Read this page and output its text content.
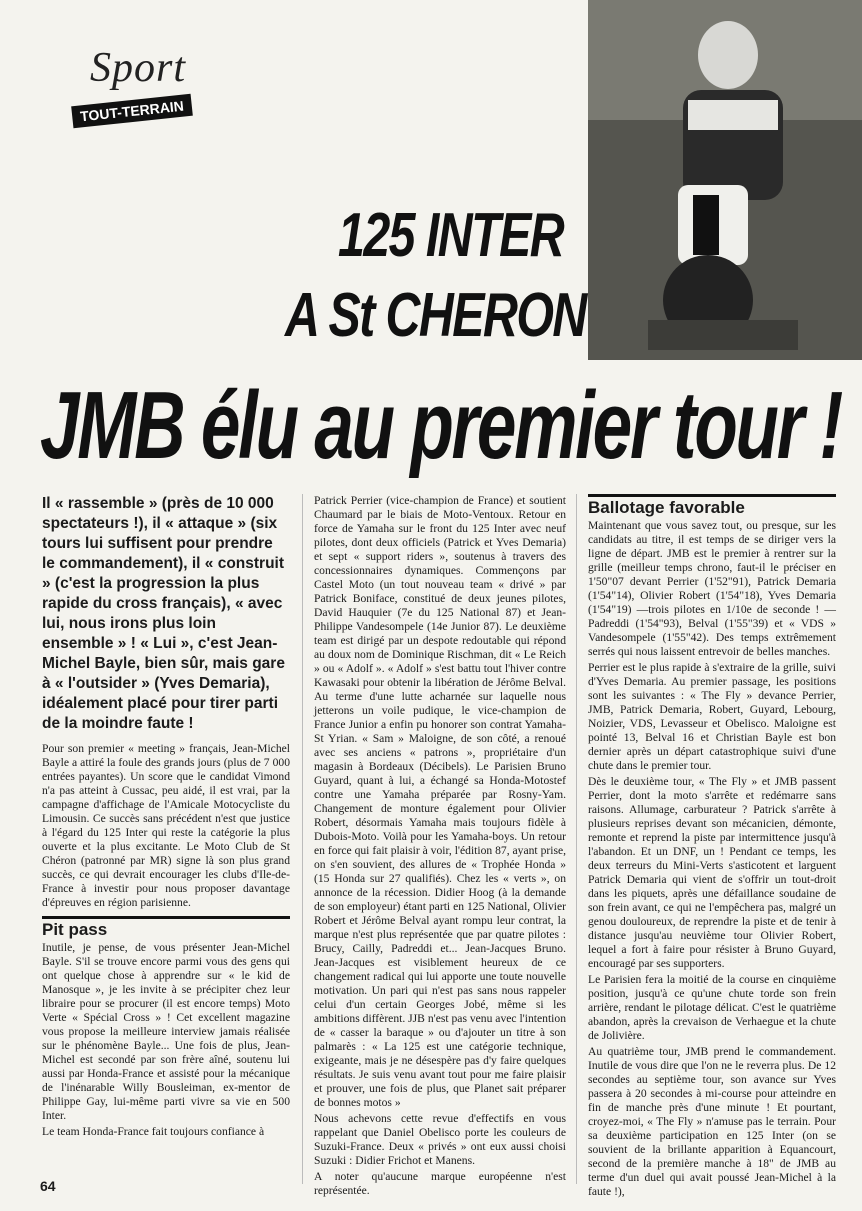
Sport
TOUT-TERRAIN
125 INTER
A St CHERON
JMB élu au premier tour !

Il « rassemble » (près de 10 000 spectateurs !), il « attaque » (six tours lui suffisent pour prendre le commandement), il « construit » (c'est la progression la plus rapide du cross français), « avec lui, nous irons plus loin ensemble » ! « Lui », c'est Jean-Michel Bayle, bien sûr, mais gare à « l'outsider » (Yves Demaria), idéalement placé pour tirer parti de la moindre faute !

Pour son premier « meeting » français, Jean-Michel Bayle a attiré la foule des grands jours (plus de 7 000 entrées payantes). Un score que le candidat Vimond n'a pas atteint à Cussac, peu aidé, il est vrai, par la campagne d'affichage de l'Amicale Motocycliste du Limousin. Ce succès sans précédent n'est que justice à l'égard du 125 Inter qui reste la catégorie la plus ouverte et la plus excitante. Le Moto Club de St Chéron (patronné par MR) signe là son plus grand succès, ce qui devrait encourager les clubs d'Ile-de-France à investir pour nous proposer davantage d'épreuves en région parisienne.

Pit pass

Inutile, je pense, de vous présenter Jean-Michel Bayle. S'il se trouve encore parmi vous des gens qui ont quelque chose à apprendre sur « le kid de Manosque », je les invite à se précipiter chez leur libraire pour se procurer (il est encore temps) Moto Verte « Spécial Cross » ! Cet excellent magazine vous propose la meilleure interview jamais réalisée sur le phénomène Bayle... Une fois de plus, Jean-Michel est secondé par son frère aîné, soutenu lui aussi par Honda-France et assisté pour la mécanique de l'inénarable Willy Bousleiman, ex-mentor de Philippe Gay, lui-même parti vivre sa vie en 500 Inter.

Le team Honda-France fait toujours confiance à

Patrick Perrier (vice-champion de France) et soutient Chaumard par le biais de Moto-Ventoux. Retour en force de Yamaha sur le front du 125 Inter avec neuf pilotes, dont deux officiels (Patrick et Yves Demaria) et sept « support riders », soutenus à travers des concessionnaires dynamiques. Commençons par Castel Moto (un tout nouveau team « drivé » par Patrick Boniface, constitué de deux jeunes pilotes, David Hauquier (7e du 125 National 87) et Jean-Philippe Vandesompele (14e Junior 87). Le deuxième team est dirigé par un despote redoutable qui répond au doux nom de Dominique Rischman, dit « Le Reich » ou « Adolf ». « Adolf » s'est battu tout l'hiver contre Kawasaki pour obtenir la libération de Jérôme Belval. Au terme d'une lutte acharnée sur laquelle nous jetterons un voile pudique, le vice-champion de France Junior a enfin pu honorer son contrat Yamaha-St Yrian. « Sam » Maloigne, de son côté, a renoué avec ses anciens « patrons », propriétaire d'un magasin à Bordeaux (Décibels). Le Parisien Bruno Guyard, quant à lui, a échangé sa Honda-Motostef contre une Yamaha préparée par Rosny-Yam. Changement de monture également pour Olivier Robert, désormais Yamaha mais toujours fidèle à Dubois-Moto. Voilà pour les Yamaha-boys. Un retour en force qui fait plaisir à voir, l'édition 87, ayant prise, on s'en souvient, des allures de « Trophée Honda » (15 Honda sur 27 qualifiés). Chez les « verts », on annonce de la récession. Didier Hoog (à la demande de son employeur) étant parti en 125 National, Olivier Robert et Jérôme Belval ayant rompu leur contrat, la marque n'est plus représentée que par quatre pilotes : Brucy, Cailly, Padreddi et... Jean-Jacques Bruno. Jean-Jacques est visiblement heureux de ce changement radical qui lui apporte une toute nouvelle motivation. Un pari qui n'est pas sans nous rappeler celui d'un certain Georges Jobé, même si les ambitions diffèrent. JJB n'est pas venu avec l'intention de « casser la baraque » ou d'ajouter un titre à son palmarès : « La 125 est une catégorie technique, exigeante, mais je ne désespère pas d'y faire quelques résultats. Je suis venu avant tout pour me faire plaisir et prouver, une fois de plus, que Planet sait préparer de bonnes motos »

Nous achevons cette revue d'effectifs en vous rappelant que Daniel Obelisco porte les couleurs de Suzuki-France. Deux « privés » ont eux aussi choisi Suzuki : Didier Frichot et Manens.

A noter qu'aucune marque européenne n'est représentée.

Ballotage favorable

Maintenant que vous savez tout, ou presque, sur les candidats au titre, il est temps de se diriger vers la ligne de départ. JMB est le premier à rentrer sur la grille (meilleur temps chrono, faut-il le préciser en 1'50"07 devant Perrier (1'52"91), Patrick Demaria (1'54"14), Olivier Robert (1'54"18), Yves Demaria (1'54"19) —trois pilotes en 1/10e de seconde ! — Padreddi (1'54"93), Belval (1'55"39) et « VDS » Vandesompele (1'55"42). Des temps extrêmement serrés qui nous laissent entrevoir de belles manches.

Perrier est le plus rapide à s'extraire de la grille, suivi d'Yves Demaria. Au premier passage, les positions sont les suivantes : « The Fly » devance Perrier, JMB, Patrick Demaria, Robert, Guyard, Lebourg, Noizier, VDS, Levasseur et Obelisco. Maloigne est pointé 13, Belval 16 et Christian Bayle est bon dernier après un départ catastrophique suivi d'une chute dans le premier tour.

Dès le deuxième tour, « The Fly » et JMB passent Perrier, dont la moto s'arrête et redémarre sans raisons. Allumage, carburateur ? Patrick s'arrête à plusieurs reprises devant son mécanicien, démonte, remonte et reprend la piste par intermittence jusqu'à l'abandon. Et un DNF, un ! Pendant ce temps, les deux terreurs du Mini-Verts s'asticotent et larguent Patrick Demaria qui vient de s'offrir un tout-droit dans les piquets, après une défaillance soudaine de son frein avant, ce qui ne l'empêchera pas, malgré un genou douloureux, de reprendre la piste et de tenir à distance jusqu'au neuvième tour Olivier Robert, lequel a fort à faire pour résister à Bruno Guyard, encouragé par ses supporters.

Le Parisien fera la moitié de la course en cinquième position, jusqu'à ce qu'une chute torde son frein arrière, rendant le pilotage délicat. C'est le quatrième abandon, après la crevaison de Verhaegue et la chute de Jolivière.

Au quatrième tour, JMB prend le commandement. Inutile de vous dire que l'on ne le reverra plus. De 12 secondes au septième tour, son avance sur Yves passera à 20 secondes à mi-course pour atteindre en fin de manche près d'une minute ! Et pourtant, croyez-moi, « The Fly » n'amuse pas le terrain. Pour sa deuxième participation en 125 Inter (on se souvient de la brillante apparition à Equancourt, second de la première manche à 18" de JMB au terme d'un duel qui avait poussé Jean-Michel à la faute !),

64
